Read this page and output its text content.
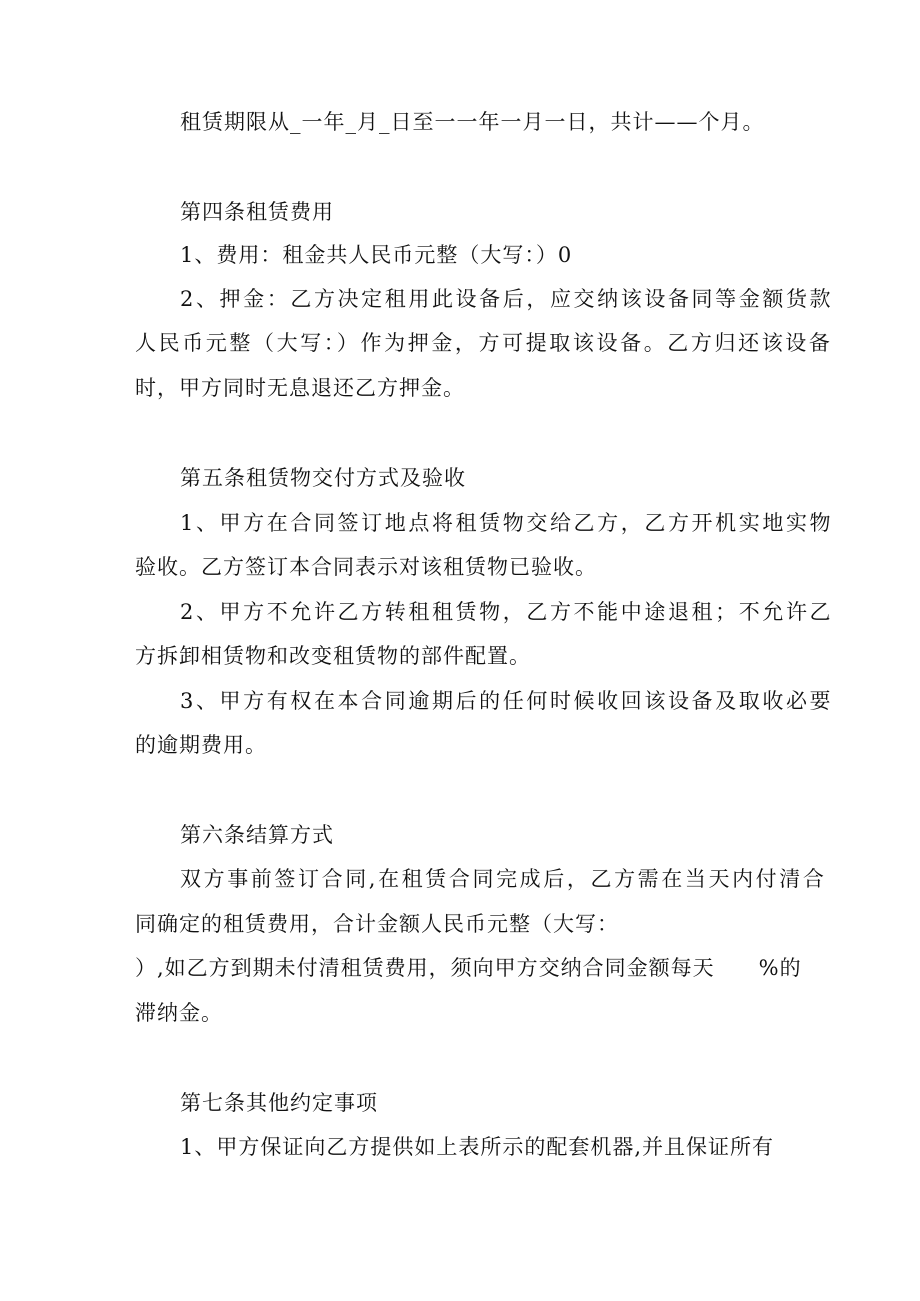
租赁期限从_一年_月_日至一一年一月一日，共计——个月。
第四条租赁费用
1、费用：租金共人民币元整（大写：）0
2、押金：乙方决定租用此设备后，应交纳该设备同等金额货款
人民币元整（大写：）作为押金，方可提取该设备。乙方归还该设备
时，甲方同时无息退还乙方押金。
第五条租赁物交付方式及验收
1、甲方在合同签订地点将租赁物交给乙方，乙方开机实地实物
验收。乙方签订本合同表示对该租赁物已验收。
2、甲方不允许乙方转租租赁物，乙方不能中途退租；不允许乙
方拆卸相赁物和改变租赁物的部件配置。
3、甲方有权在本合同逾期后的任何时候收回该设备及取收必要
的逾期费用。
第六条结算方式
双方事前签订合同,在租赁合同完成后，乙方需在当天内付清合
同确定的租赁费用，合计金额人民币元整（大写：
）,如乙方到期未付清租赁费用，须向甲方交纳合同金额每天　　%的
滞纳金。
第七条其他约定事项
1、甲方保证向乙方提供如上表所示的配套机器,并且保证所有
